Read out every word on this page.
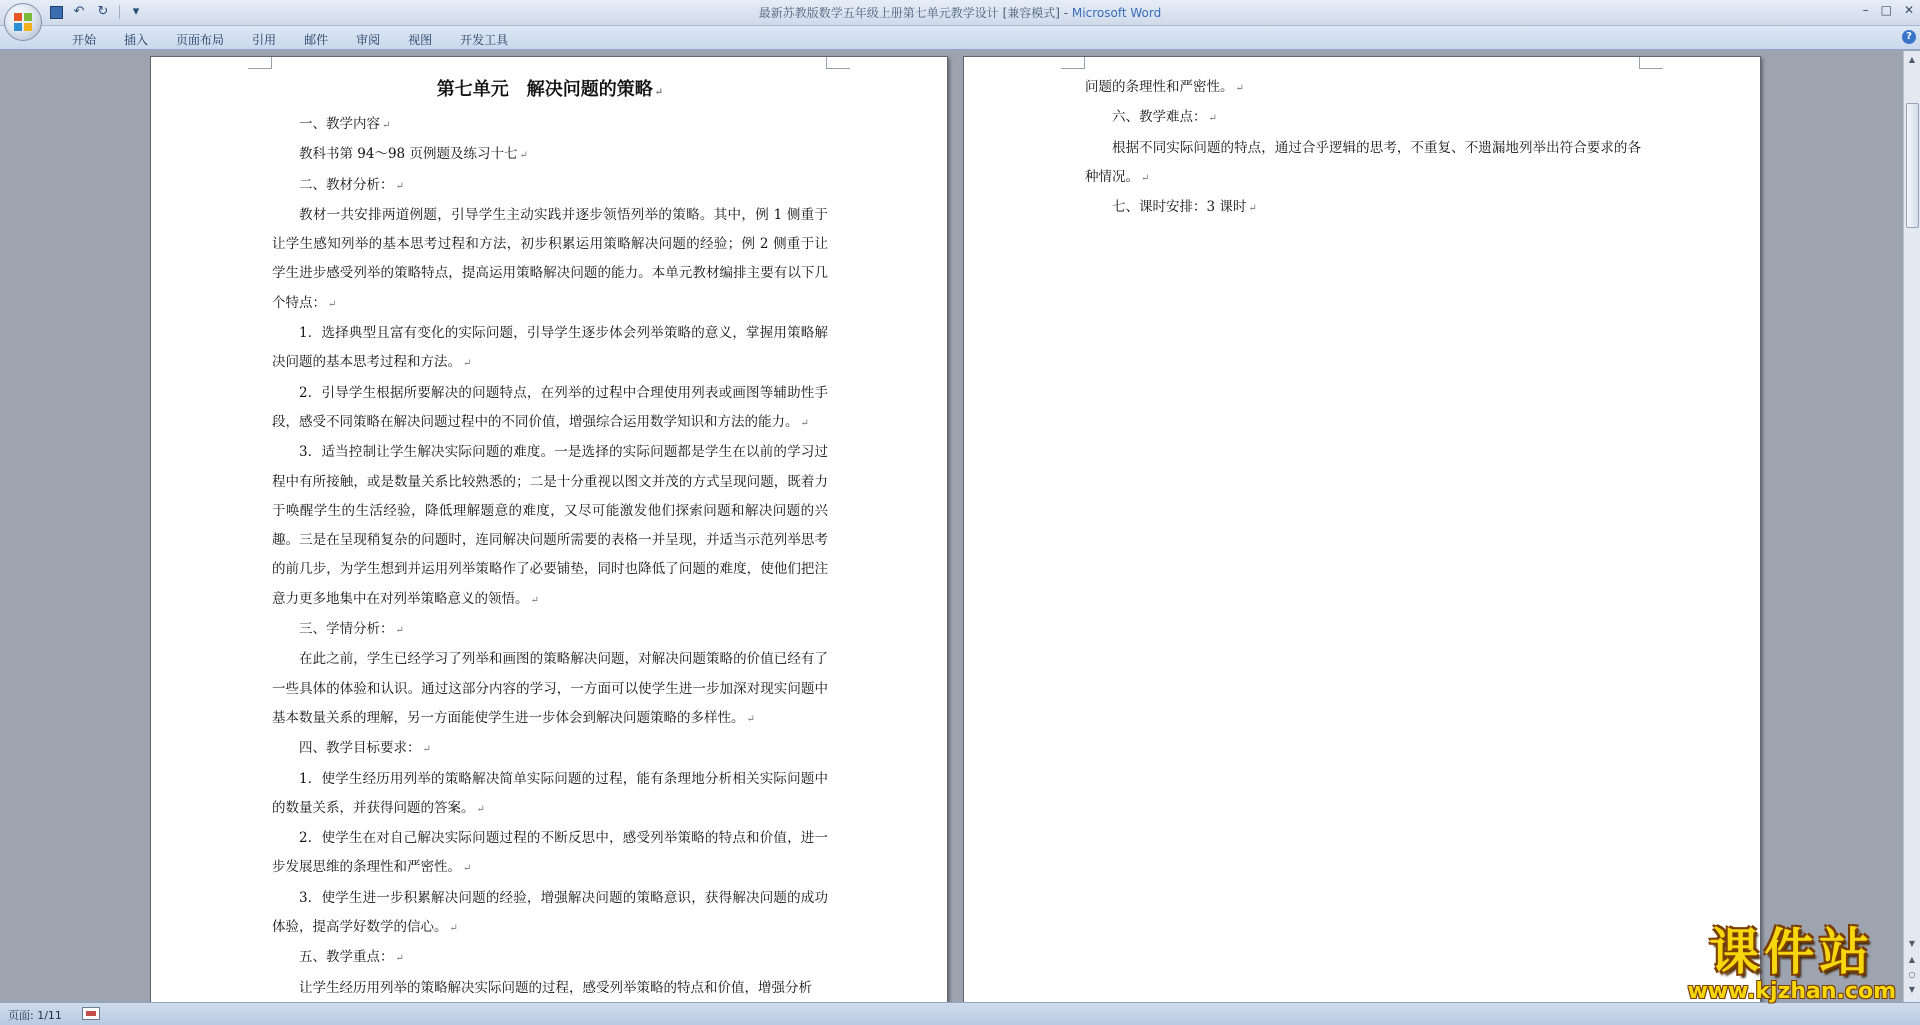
↶ ↻	▾	最新苏教版数学五年级上册第七单元教学设计 [兼容模式] - Microsoft Word	– □ ✕
开始	插入	页面布局	引用	邮件	审阅	视图	开发工具	?

第七单元　解决问题的策略 ↵

一、教学内容 ↵

教科书第 94～98 页例题及练习十七 ↵

二、教材分析： ↵

教材一共安排两道例题，引导学生主动实践并逐步领悟列举的策略。其中，例 1 侧重于让学生感知列举的基本思考过程和方法，初步积累运用策略解决问题的经验；例 2 侧重于让学生进步感受列举的策略特点，提高运用策略解决问题的能力。本单元教材编排主要有以下几个特点： ↵

1．选择典型且富有变化的实际问题，引导学生逐步体会列举策略的意义，掌握用策略解决问题的基本思考过程和方法。 ↵

2．引导学生根据所要解决的问题特点，在列举的过程中合理使用列表或画图等辅助性手段，感受不同策略在解决问题过程中的不同价值，增强综合运用数学知识和方法的能力。 ↵

3．适当控制让学生解决实际问题的难度。一是选择的实际问题都是学生在以前的学习过程中有所接触，或是数量关系比较熟悉的；二是十分重视以图文并茂的方式呈现问题，既着力于唤醒学生的生活经验，降低理解题意的难度，又尽可能激发他们探索问题和解决问题的兴趣。三是在呈现稍复杂的问题时，连同解决问题所需要的表格一并呈现，并适当示范列举思考的前几步，为学生想到并运用列举策略作了必要铺垫，同时也降低了问题的难度，使他们把注意力更多地集中在对列举策略意义的领悟。 ↵

三、学情分析： ↵

在此之前，学生已经学习了列举和画图的策略解决问题，对解决问题策略的价值已经有了一些具体的体验和认识。通过这部分内容的学习，一方面可以使学生进一步加深对现实问题中基本数量关系的理解，另一方面能使学生进一步体会到解决问题策略的多样性。 ↵

四、教学目标要求： ↵

1．使学生经历用列举的策略解决简单实际问题的过程，能有条理地分析相关实际问题中的数量关系，并获得问题的答案。 ↵

2．使学生在对自己解决实际问题过程的不断反思中，感受列举策略的特点和价值，进一步发展思维的条理性和严密性。 ↵

3．使学生进一步积累解决问题的经验，增强解决问题的策略意识，获得解决问题的成功体验，提高学好数学的信心。 ↵

五、教学重点： ↵

让学生经历用列举的策略解决实际问题的过程，感受列举策略的特点和价值，增强分析

问题的条理性和严密性。 ↵

六、教学难点： ↵

根据不同实际问题的特点，通过合乎逻辑的思考，不重复、不遗漏地列举出符合要求的各种情况。 ↵

七、课时安排：3 课时 ↵

▲
▼
▲
○
▼
页面: 1/11
课件站
www.kjzhan.com
